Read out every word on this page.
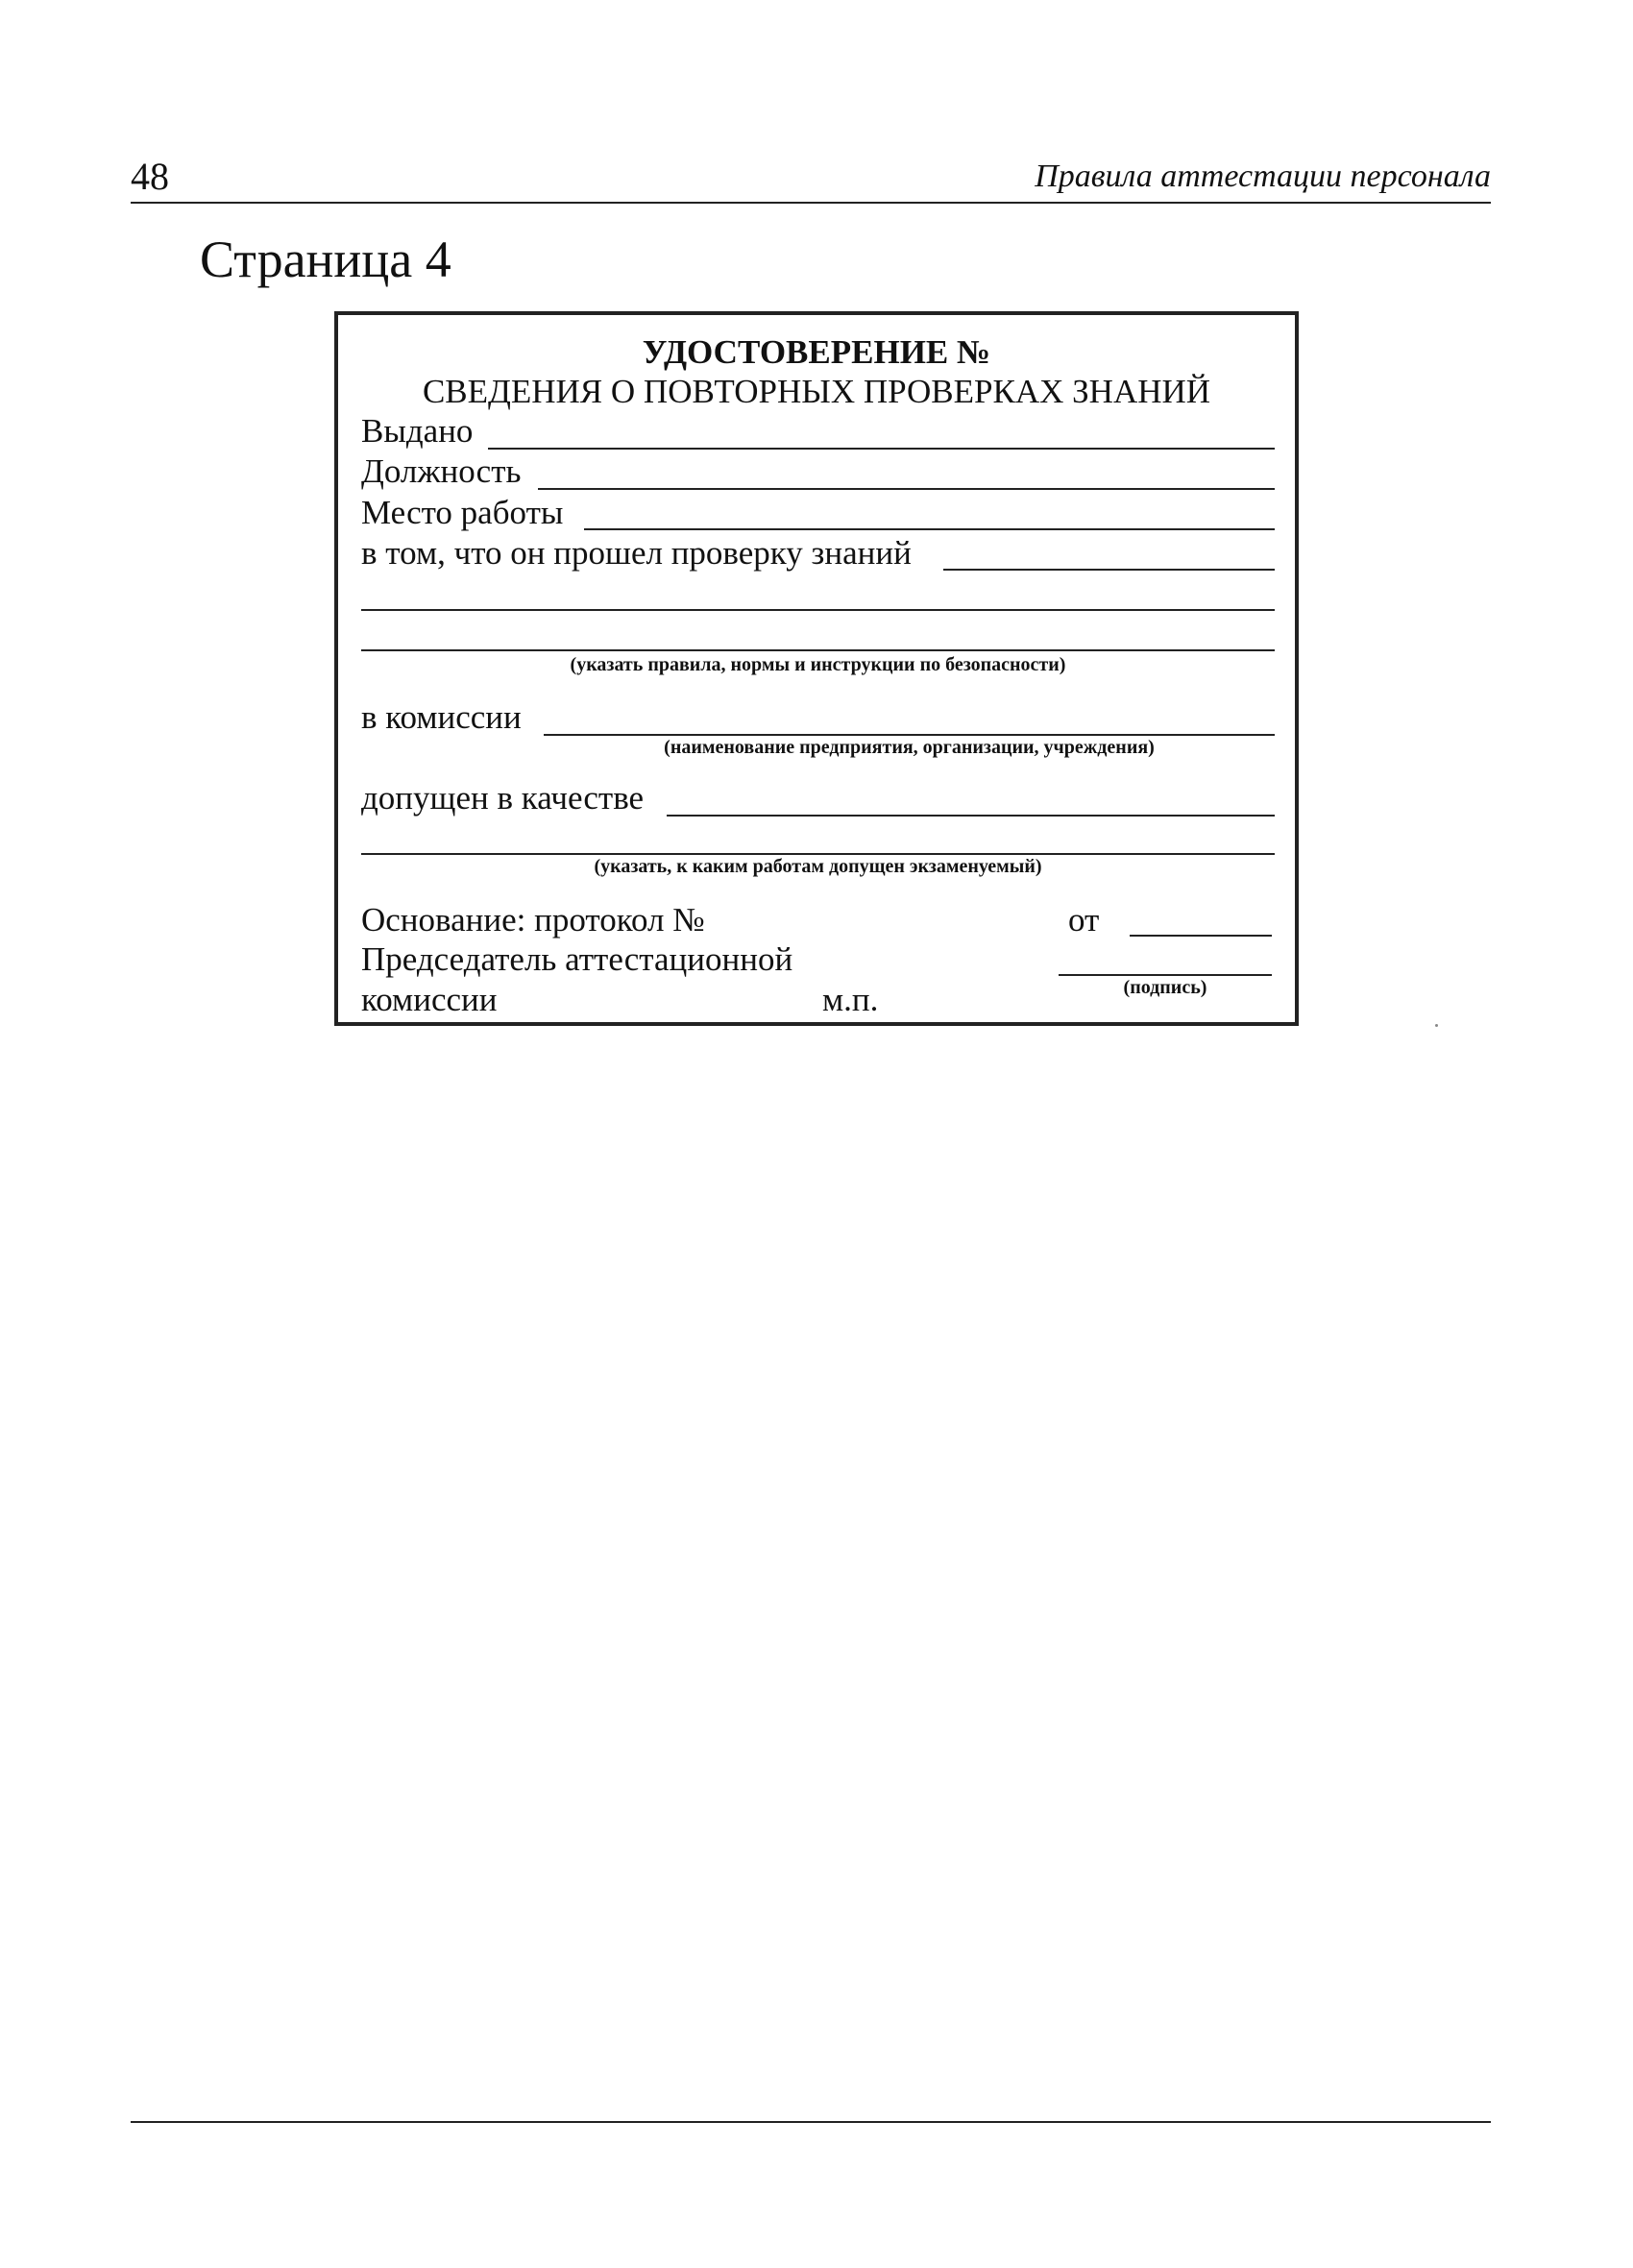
48	Правила аттестации персонала
Страница 4
УДОСТОВЕРЕНИЕ №
СВЕДЕНИЯ О ПОВТОРНЫХ ПРОВЕРКАХ ЗНАНИЙ
Выдано
Должность
Место работы
в том, что он прошел проверку знаний
(указать правила, нормы и инструкции по безопасности)
в комиссии
(наименование предприятия, организации, учреждения)
допущен в качестве
(указать, к каким работам допущен экзаменуемый)
Основание: протокол №	от
Председатель аттестационной
комиссии	м.п.	(подпись)
